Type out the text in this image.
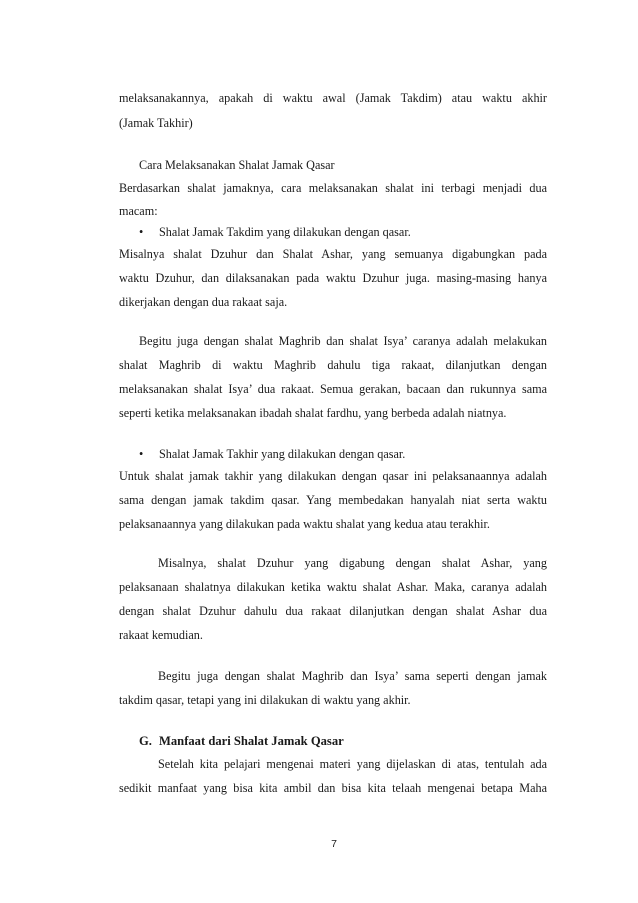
melaksanakannya, apakah di waktu awal (Jamak Takdim) atau waktu akhir
(Jamak Takhir)
Cara Melaksanakan Shalat Jamak Qasar
Berdasarkan shalat jamaknya, cara melaksanakan shalat ini terbagi menjadi dua
macam:
• Shalat Jamak Takdim yang dilakukan dengan qasar.
Misalnya shalat Dzuhur dan Shalat Ashar, yang semuanya digabungkan pada
waktu Dzuhur, dan dilaksanakan pada waktu Dzuhur juga. masing-masing hanya
dikerjakan dengan dua rakaat saja.
Begitu juga dengan shalat Maghrib dan shalat Isya’ caranya adalah melakukan
shalat Maghrib di waktu Maghrib dahulu tiga rakaat, dilanjutkan dengan
melaksanakan shalat Isya’ dua rakaat. Semua gerakan, bacaan dan rukunnya sama
seperti ketika melaksanakan ibadah shalat fardhu, yang berbeda adalah niatnya.
• Shalat Jamak Takhir yang dilakukan dengan qasar.
Untuk shalat jamak takhir yang dilakukan dengan qasar ini pelaksanaannya adalah
sama dengan jamak takdim qasar. Yang membedakan hanyalah niat serta waktu
pelaksanaannya yang dilakukan pada waktu shalat yang kedua atau terakhir.
Misalnya, shalat Dzuhur yang digabung dengan shalat Ashar, yang
pelaksanaan shalatnya dilakukan ketika waktu shalat Ashar. Maka, caranya adalah
dengan shalat Dzuhur dahulu dua rakaat dilanjutkan dengan shalat Ashar dua
rakaat kemudian.
Begitu juga dengan shalat Maghrib dan Isya’ sama seperti dengan jamak
takdim qasar, tetapi yang ini dilakukan di waktu yang akhir.
G. Manfaat dari Shalat Jamak Qasar
Setelah kita pelajari mengenai materi yang dijelaskan di atas, tentulah ada
sedikit manfaat yang bisa kita ambil dan bisa kita telaah mengenai betapa Maha
7
